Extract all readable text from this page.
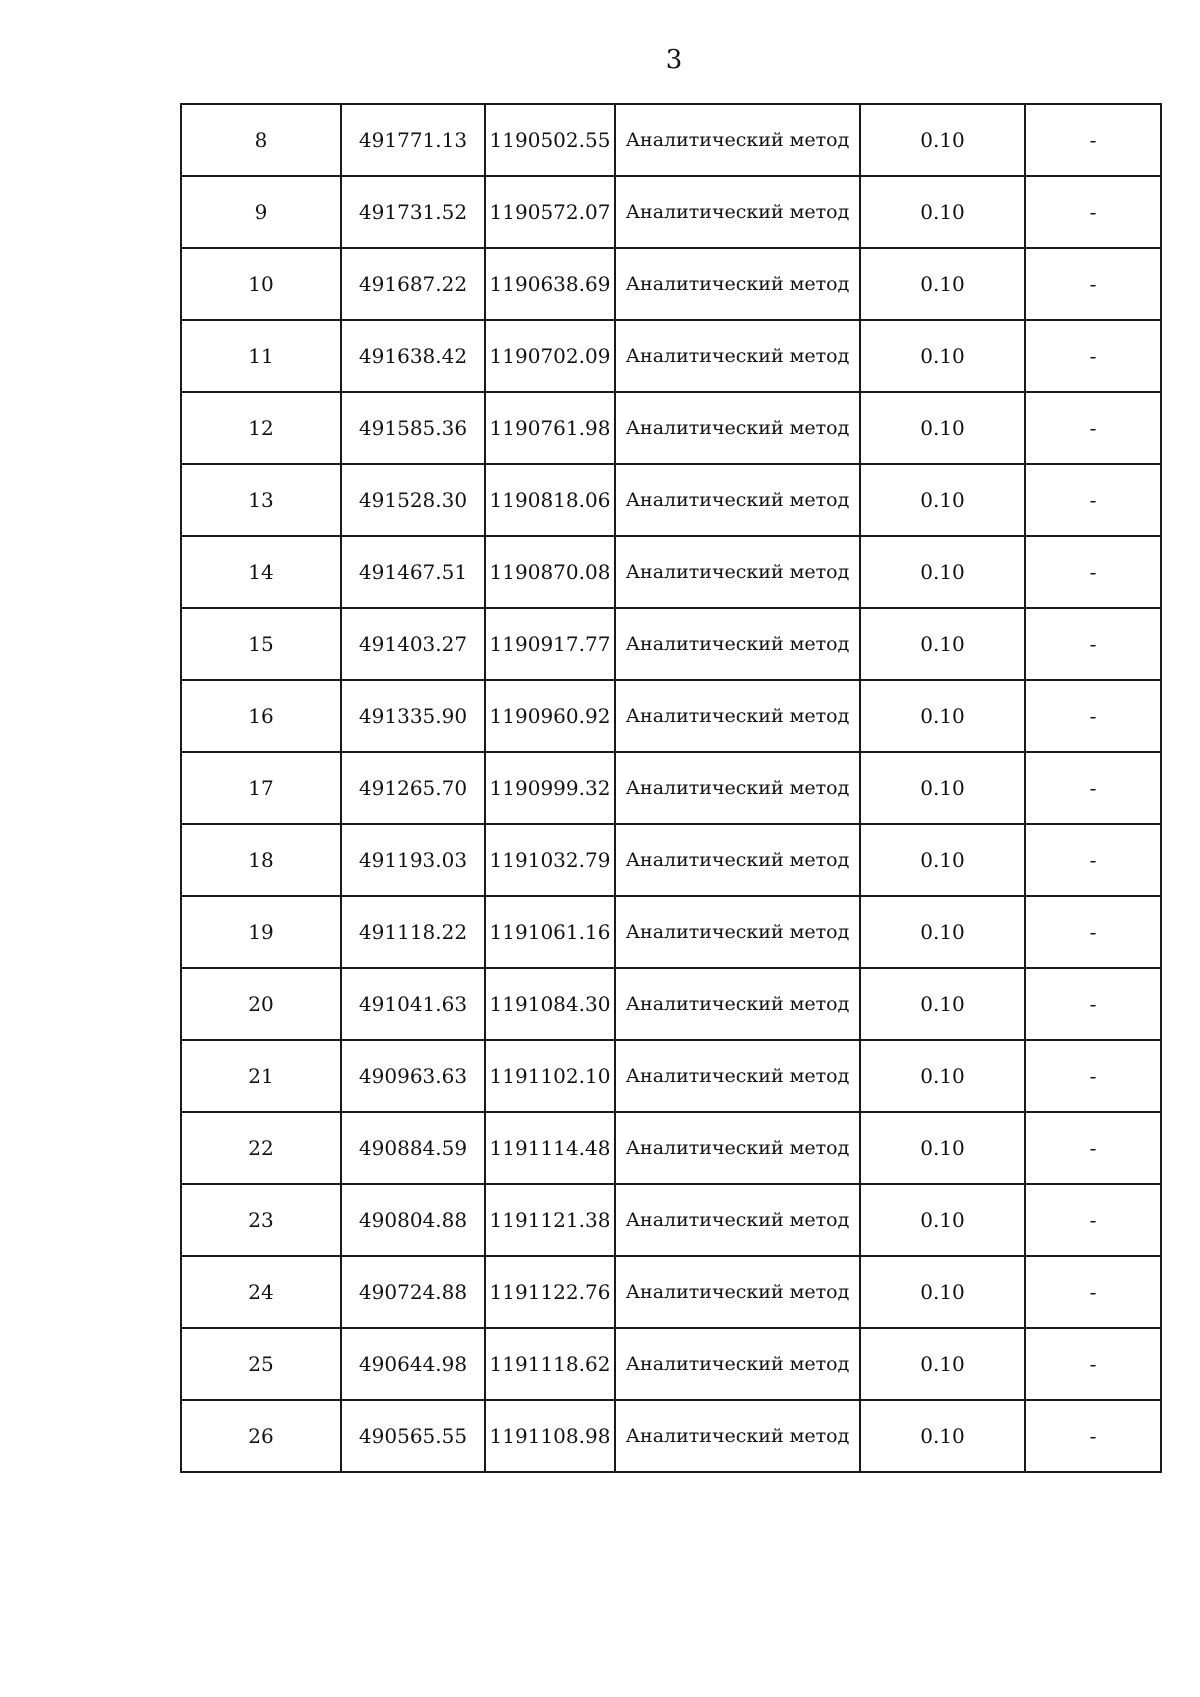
3
8	491771.13	1190502.55	Аналитический метод	0.10	-
9	491731.52	1190572.07	Аналитический метод	0.10	-
10	491687.22	1190638.69	Аналитический метод	0.10	-
11	491638.42	1190702.09	Аналитический метод	0.10	-
12	491585.36	1190761.98	Аналитический метод	0.10	-
13	491528.30	1190818.06	Аналитический метод	0.10	-
14	491467.51	1190870.08	Аналитический метод	0.10	-
15	491403.27	1190917.77	Аналитический метод	0.10	-
16	491335.90	1190960.92	Аналитический метод	0.10	-
17	491265.70	1190999.32	Аналитический метод	0.10	-
18	491193.03	1191032.79	Аналитический метод	0.10	-
19	491118.22	1191061.16	Аналитический метод	0.10	-
20	491041.63	1191084.30	Аналитический метод	0.10	-
21	490963.63	1191102.10	Аналитический метод	0.10	-
22	490884.59	1191114.48	Аналитический метод	0.10	-
23	490804.88	1191121.38	Аналитический метод	0.10	-
24	490724.88	1191122.76	Аналитический метод	0.10	-
25	490644.98	1191118.62	Аналитический метод	0.10	-
26	490565.55	1191108.98	Аналитический метод	0.10	-
